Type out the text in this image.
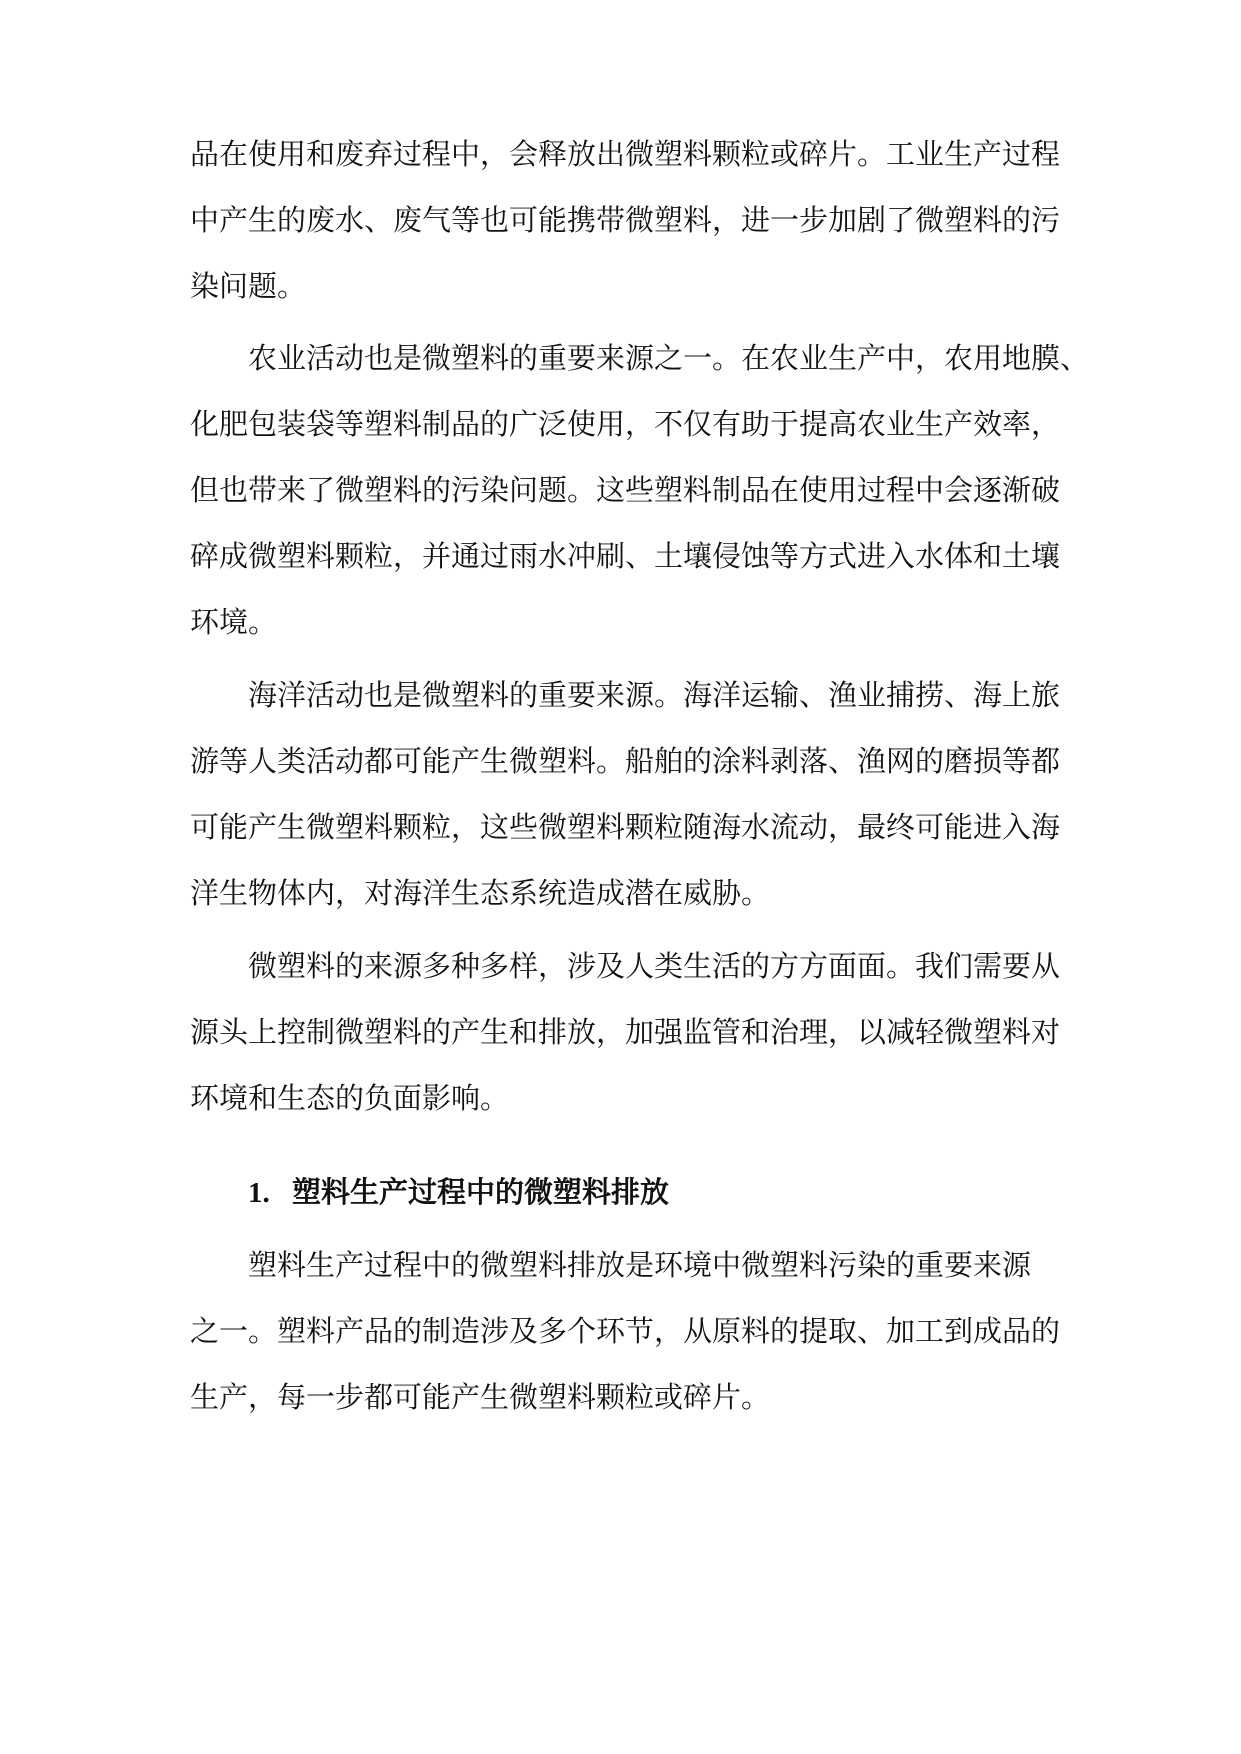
品在使用和废弃过程中，会释放出微塑料颗粒或碎片。工业生产过程
中产生的废水、废气等也可能携带微塑料，进一步加剧了微塑料的污
染问题。
农业活动也是微塑料的重要来源之一。在农业生产中，农用地膜、
化肥包装袋等塑料制品的广泛使用，不仅有助于提高农业生产效率，
但也带来了微塑料的污染问题。这些塑料制品在使用过程中会逐渐破
碎成微塑料颗粒，并通过雨水冲刷、土壤侵蚀等方式进入水体和土壤
环境。
海洋活动也是微塑料的重要来源。海洋运输、渔业捕捞、海上旅
游等人类活动都可能产生微塑料。船舶的涂料剥落、渔网的磨损等都
可能产生微塑料颗粒，这些微塑料颗粒随海水流动，最终可能进入海
洋生物体内，对海洋生态系统造成潜在威胁。
微塑料的来源多种多样，涉及人类生活的方方面面。我们需要从
源头上控制微塑料的产生和排放，加强监管和治理，以减轻微塑料对
环境和生态的负面影响。
1. 塑料生产过程中的微塑料排放
塑料生产过程中的微塑料排放是环境中微塑料污染的重要来源
之一。塑料产品的制造涉及多个环节，从原料的提取、加工到成品的
生产，每一步都可能产生微塑料颗粒或碎片。
